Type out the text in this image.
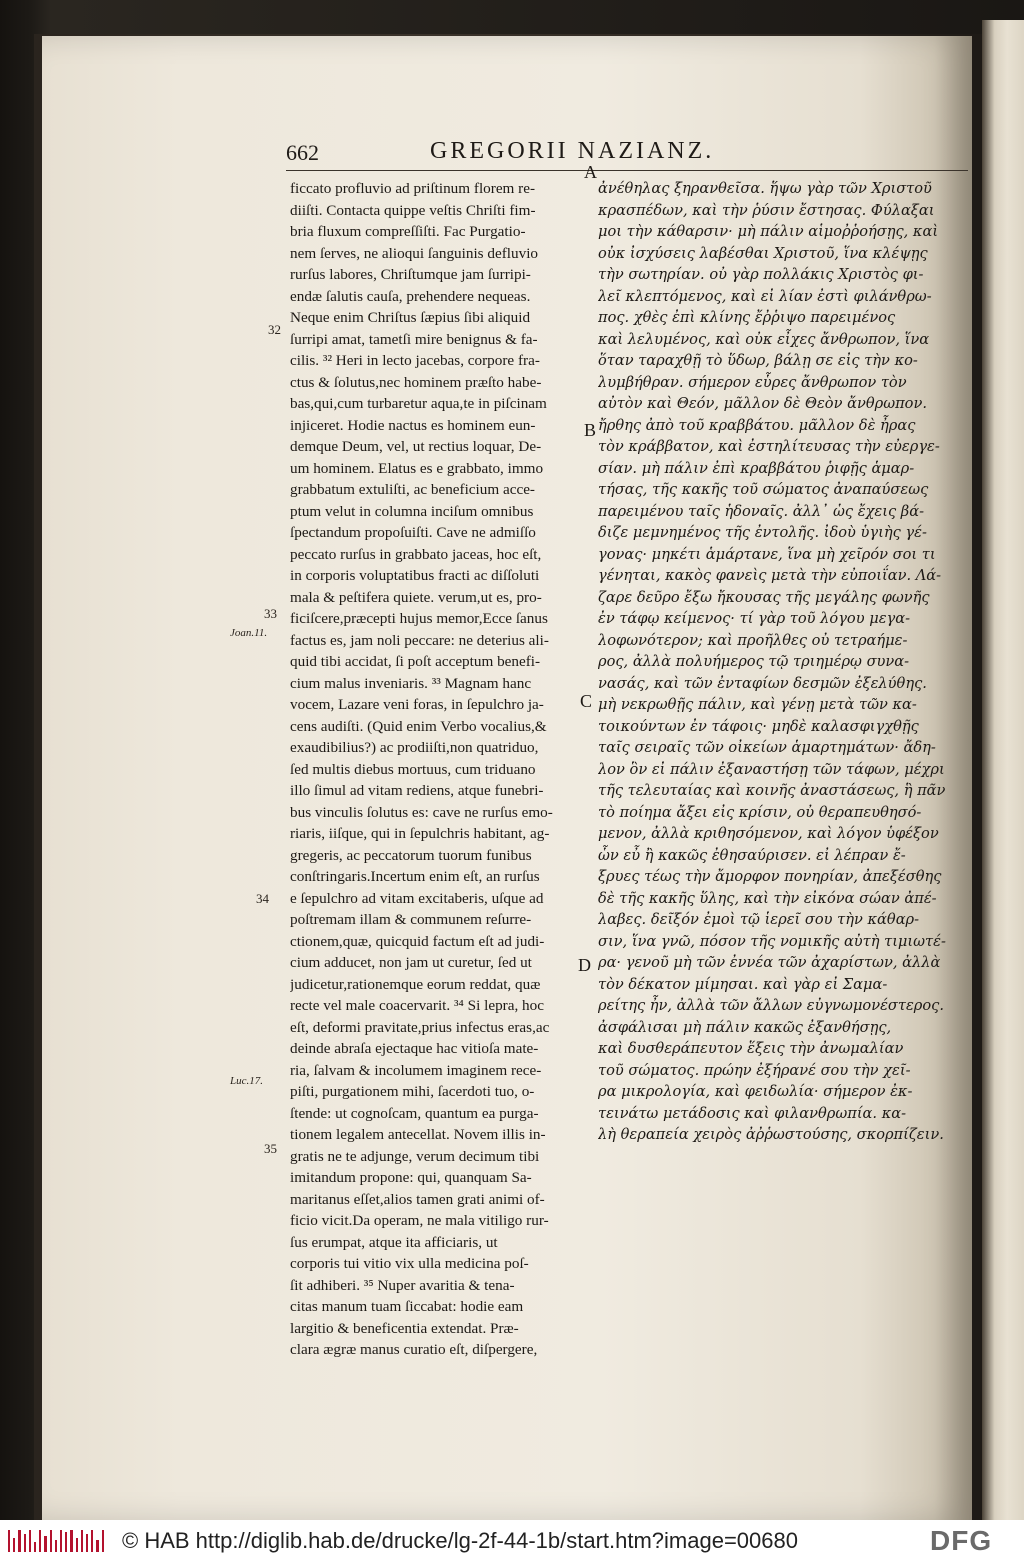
662	GREGORII NAZIANZ.

ficcato profluvio ad priſtinum florem re-

diiſti. Contacta quippe veſtis Chriſti fim-

bria fluxum compreſſiſti. Fac Purgatio-

nem ſerves, ne alioqui ſanguinis defluvio

rurſus labores, Chriſtumque jam ſurripi-

endæ ſalutis cauſa, prehendere nequeas.

Neque enim Chriſtus ſæpius ſibi aliquid

ſurripi amat, tametſi mire benignus & fa-

cilis. ³² Heri in lecto jacebas, corpore fra-

ctus & ſolutus,nec hominem præſto habe-

bas,qui,cum turbaretur aqua,te in piſcinam

injiceret. Hodie nactus es hominem eun-

demque Deum, vel, ut rectius loquar, De-

um hominem. Elatus es e grabbato, immo

grabbatum extuliſti, ac beneficium acce-

ptum velut in columna inciſum omnibus

ſpectandum propoſuiſti. Cave ne admiſſo

peccato rurſus in grabbato jaceas, hoc eſt,

in corporis voluptatibus fracti ac diſſoluti

mala & peſtifera quiete. verum,ut es, pro-

ficiſcere,præcepti hujus memor,Ecce ſanus

factus es, jam noli peccare: ne deterius ali-

quid tibi accidat, ſi poſt acceptum benefi-

cium malus inveniaris. ³³ Magnam hanc

vocem, Lazare veni foras, in ſepulchro ja-

cens audiſti. (Quid enim Verbo vocalius,&

exaudibilius?) ac prodiiſti,non quatriduo,

ſed multis diebus mortuus, cum triduano

illo ſimul ad vitam rediens, atque funebri-

bus vinculis ſolutus es: cave ne rurſus emo-

riaris, iiſque, qui in ſepulchris habitant, ag-

gregeris, ac peccatorum tuorum funibus

conſtringaris.Incertum enim eſt, an rurſus

e ſepulchro ad vitam excitaberis, uſque ad

poſtremam illam & communem reſurre-

ctionem,quæ, quicquid factum eſt ad judi-

cium adducet, non jam ut curetur, ſed ut

judicetur,rationemque eorum reddat, quæ

recte vel male coacervarit. ³⁴ Si lepra, hoc

eſt, deformi pravitate,prius infectus eras,ac

deinde abraſa ejectaque hac vitioſa mate-

ria, ſalvam & incolumem imaginem rece-

piſti, purgationem mihi, ſacerdoti tuo, o-

ſtende: ut cognoſcam, quantum ea purga-

tionem legalem antecellat. Novem illis in-

gratis ne te adjunge, verum decimum tibi

imitandum propone: qui, quanquam Sa-

maritanus eſſet,alios tamen grati animi of-

ficio vicit.Da operam, ne mala vitiligo rur-

ſus erumpat, atque ita afficiaris, ut

corporis tui vitio vix ulla medicina poſ-

ſit adhiberi. ³⁵ Nuper avaritia & tena-

citas manum tuam ſiccabat: hodie eam

largitio & beneficentia extendat. Præ-

clara ægræ manus curatio eſt, diſpergere,

ἀνέθηλας ξηρανθεῖσα. ἥψω γὰρ τῶν Χριστοῦ

κρασπέδων, καὶ τὴν ῥύσιν ἔστησας. Φύλαξαι

μοι τὴν κάθαρσιν· μὴ πάλιν αἱμοῤῥοήσῃς, καὶ

οὐκ ἰσχύσεις λαβέσθαι Χριστοῦ, ἵνα κλέψῃς

τὴν σωτηρίαν. οὐ γὰρ πολλάκις Χριστὸς φι-

λεῖ κλεπτόμενος, καὶ εἰ λίαν ἐστὶ φιλάνθρω-

πος. χθὲς ἐπὶ κλίνης ἔῤῥιψο παρειμένος

καὶ λελυμένος, καὶ οὐκ εἶχες ἄνθρωπον, ἵνα

ὅταν ταραχθῇ τὸ ὕδωρ, βάλῃ σε εἰς τὴν κο-

λυμβήθραν. σήμερον εὗρες ἄνθρωπον τὸν

αὐτὸν καὶ Θεόν, μᾶλλον δὲ Θεὸν ἄνθρωπον.

ἤρθης ἀπὸ τοῦ κραββάτου. μᾶλλον δὲ ἦρας

τὸν κράββατον, καὶ ἐστηλίτευσας τὴν εὐεργε-

σίαν. μὴ πάλιν ἐπὶ κραββάτου ῥιφῇς ἁμαρ-

τήσας, τῆς κακῆς τοῦ σώματος ἀναπαύσεως

παρειμένου ταῖς ἡδοναῖς. ἀλλ᾽ ὡς ἔχεις βά-

διζε μεμνημένος τῆς ἐντολῆς. ἰδοὺ ὑγιὴς γέ-

γονας· μηκέτι ἁμάρτανε, ἵνα μὴ χεῖρόν σοι τι

γένηται, κακὸς φανεὶς μετὰ τὴν εὐποιΐαν. Λά-

ζαρε δεῦρο ἔξω ἤκουσας τῆς μεγάλης φωνῆς

ἐν τάφῳ κείμενος· τί γὰρ τοῦ λόγου μεγα-

λοφωνότερον; καὶ προῆλθες οὐ τετραήμε-

ρος, ἀλλὰ πολυήμερος τῷ τριημέρῳ συνα-

νασάς, καὶ τῶν ἐνταφίων δεσμῶν ἐξελύθης.

μὴ νεκρωθῇς πάλιν, καὶ γένῃ μετὰ τῶν κα-

τοικούντων ἐν τάφοις· μηδὲ καλασφιγχθῇς

ταῖς σειραῖς τῶν οἰκείων ἁμαρτημάτων· ἄδη-

λον ὃν εἰ πάλιν ἐξαναστήσῃ τῶν τάφων, μέχρι

τῆς τελευταίας καὶ κοινῆς ἀναστάσεως, ἣ πᾶν

τὸ ποίημα ἄξει εἰς κρίσιν, οὐ θεραπευθησό-

μενον, ἀλλὰ κριθησόμενον, καὶ λόγον ὑφέξον

ὧν εὖ ἢ κακῶς ἐθησαύρισεν. εἰ λέπραν ἔ-

ξρυες τέως τὴν ἄμορφον πονηρίαν, ἀπεξέσθης

δὲ τῆς κακῆς ὕλης, καὶ τὴν εἰκόνα σώαν ἀπέ-

λαβες. δεῖξόν ἐμοὶ τῷ ἱερεῖ σου τὴν κάθαρ-

σιν, ἵνα γνῶ, πόσον τῆς νομικῆς αὐτὴ τιμιωτέ-

ρα· γενοῦ μὴ τῶν ἐννέα τῶν ἀχαρίστων, ἀλλὰ

τὸν δέκατον μίμησαι. καὶ γὰρ εἰ Σαμα-

ρείτης ἦν, ἀλλὰ τῶν ἄλλων εὐγνωμονέστερος.

ἀσφάλισαι μὴ πάλιν κακῶς ἐξανθήσῃς,

καὶ δυσθεράπευτον ἕξεις τὴν ἀνωμαλίαν

τοῦ σώματος. πρώην ἐξήρανέ σου τὴν χεῖ-

ρα μικρολογία, καὶ φειδωλία· σήμερον ἐκ-

τεινάτω μετάδοσις καὶ φιλανθρωπία. κα-

λὴ θεραπεία χειρὸς ἀῤῥωστούσης, σκορπίζειν.

A
B
C
D
32
33
34
35
Joan.11.
Luc.17.
© HAB http://diglib.hab.de/drucke/lg-2f-44-1b/start.htm?image=00680	DFG
